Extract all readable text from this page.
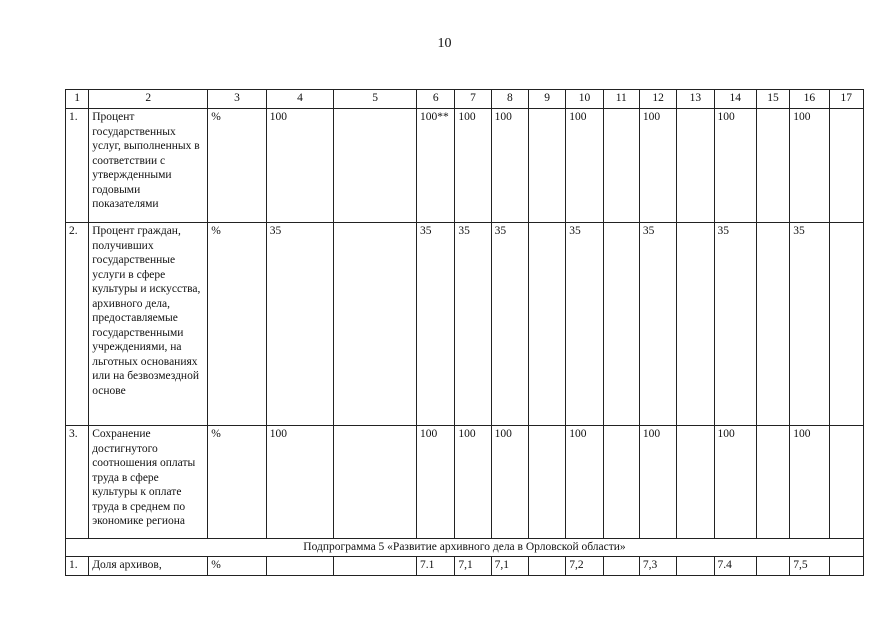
10
1	2	3	4	5	6	7	8	9	10	11	12	13	14	15	16	17
1.	Процент государственных услуг, выполненных в соответствии с утвержденными годовыми показателями	%	100		100**	100	100		100		100		100		100	
2.	Процент граждан, получивших государственные услуги в сфере культуры и искусства, архивного дела, предоставляемые государственными учреждениями, на льготных основаниях или на безвозмездной основе	%	35		35	35	35		35		35		35		35	
3.	Сохранение достигнутого соотношения оплаты труда в сфере культуры к оплате труда в среднем по экономике региона	%	100		100	100	100		100		100		100		100	
Подпрограмма 5 «Развитие архивного дела в Орловской области»																
1.	Доля архивов,	%			7.1	7,1	7,1		7,2		7,3		7.4		7,5	
